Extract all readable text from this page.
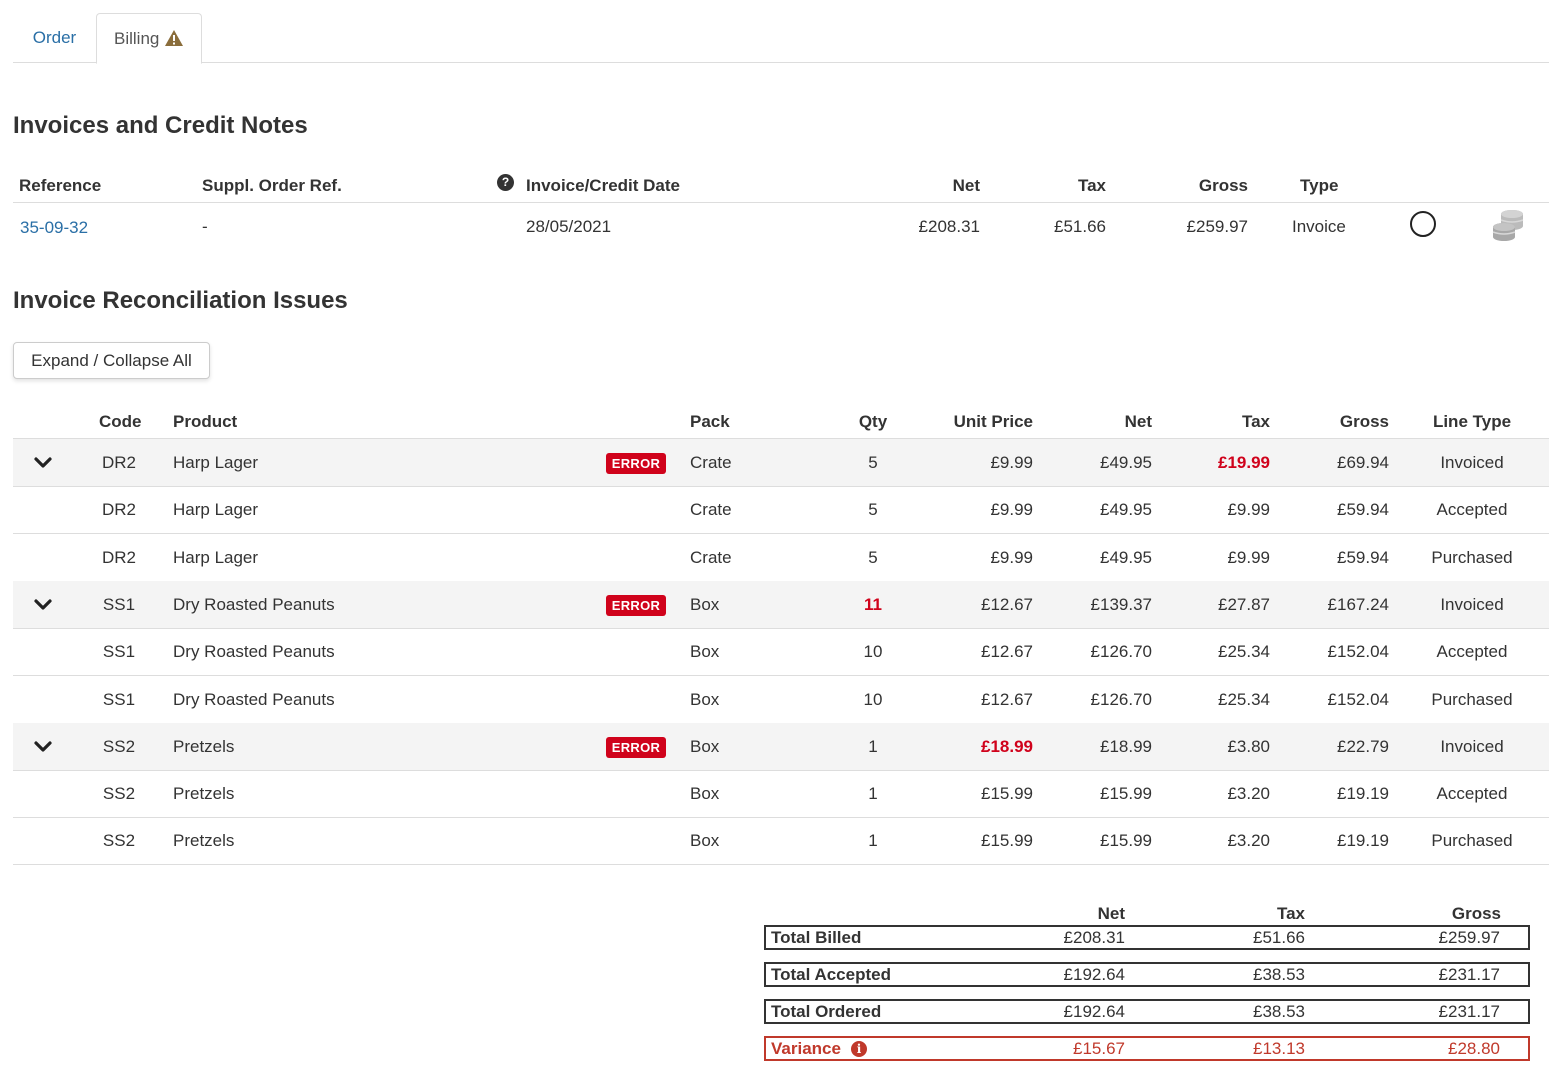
Order	Billing
Invoices and Credit Notes
Reference	Suppl. Order Ref.	? Invoice/Credit Date	Net	Tax	Gross	Type
35-09-32	-	28/05/2021	£208.31	£51.66	£259.97	Invoice
Invoice Reconciliation Issues
Expand / Collapse All
Code Product	Pack	Qty	Unit Price	Net	Tax	Gross	Line Type
ERROR
DR2	Harp Lager	Crate	5	£9.99	£49.95	£19.99	£69.94	Invoiced
DR2	Harp Lager	Crate	5	£9.99	£49.95	£9.99	£59.94	Accepted
DR2	Harp Lager	Crate	5	£9.99	£49.95	£9.99	£59.94	Purchased
ERROR
SS1	Dry Roasted Peanuts	Box	11	£12.67	£139.37	£27.87	£167.24	Invoiced
SS1	Dry Roasted Peanuts	Box	10	£12.67	£126.70	£25.34	£152.04	Accepted
SS1	Dry Roasted Peanuts	Box	10	£12.67	£126.70	£25.34	£152.04	Purchased
ERROR
SS2	Pretzels	Box	1	£18.99	£18.99	£3.80	£22.79	Invoiced
SS2	Pretzels	Box	1	£15.99	£15.99	£3.20	£19.19	Accepted
SS2	Pretzels	Box	1	£15.99	£15.99	£3.20	£19.19	Purchased
Net	Tax	Gross
Total Billed	£208.31	£51.66	£259.97
Total Accepted	£192.64	£38.53	£231.17
Total Ordered	£192.64	£38.53	£231.17
Variance	i	£15.67	£13.13	£28.80
